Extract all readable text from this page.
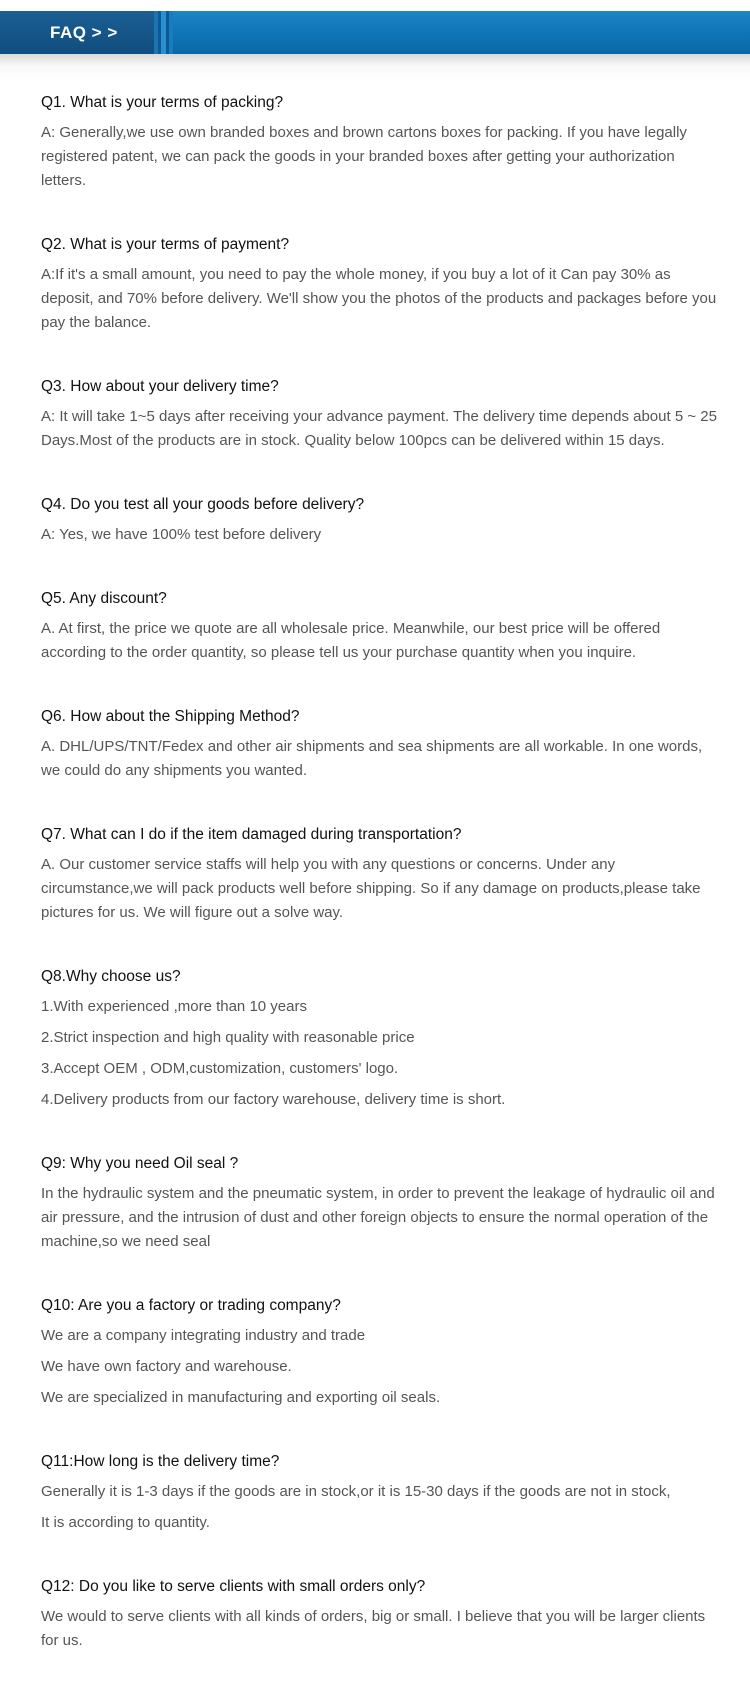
FAQ > >
Q1. What is your terms of packing?
A: Generally,we use own branded boxes and brown cartons boxes for packing. If you have legally registered patent, we can pack the goods in your branded boxes after getting your authorization letters.
Q2. What is your terms of payment?
A:If it's a small amount, you need to pay the whole money, if you buy a lot of it Can pay 30% as deposit, and 70% before delivery. We'll show you the photos of the products and packages before you pay the balance.
Q3. How about your delivery time?
A: It will take 1~5 days after receiving your advance payment. The delivery time depends about 5 ~ 25 Days.Most of the products are in stock. Quality below 100pcs can be delivered within 15 days.
Q4. Do you test all your goods before delivery?
A: Yes, we have 100% test before delivery
Q5. Any discount?
A. At first, the price we quote are all wholesale price. Meanwhile, our best price will be offered according to the order quantity, so please tell us your purchase quantity when you inquire.
Q6. How about the Shipping Method?
A. DHL/UPS/TNT/Fedex and other air shipments and sea shipments are all workable. In one words, we could do any shipments you wanted.
Q7. What can I do if the item damaged during transportation?
A. Our customer service staffs will help you with any questions or concerns. Under any circumstance,we will pack products well before shipping. So if any damage on products,please take pictures for us. We will figure out a solve way.
Q8.Why choose us?
1.With experienced ,more than 10 years
2.Strict inspection and high quality with reasonable price
3.Accept OEM , ODM,customization, customers' logo.
4.Delivery products from our factory warehouse, delivery time is short.
Q9: Why you need Oil seal ?
In the hydraulic system and the pneumatic system, in order to prevent the leakage of hydraulic oil and air pressure, and the intrusion of dust and other foreign objects to ensure the normal operation of the machine,so we need seal
Q10: Are you a factory or trading company?
We are a company integrating industry and trade
We have own factory and warehouse.
We are specialized in manufacturing and exporting oil seals.
Q11:How long is the delivery time?
Generally it is 1-3 days if the goods are in stock,or it is 15-30 days if the goods are not in stock,
It is according to quantity.
Q12: Do you like to serve clients with small orders only?
We would to serve clients with all kinds of orders, big or small. I believe that you will be larger clients for us.
